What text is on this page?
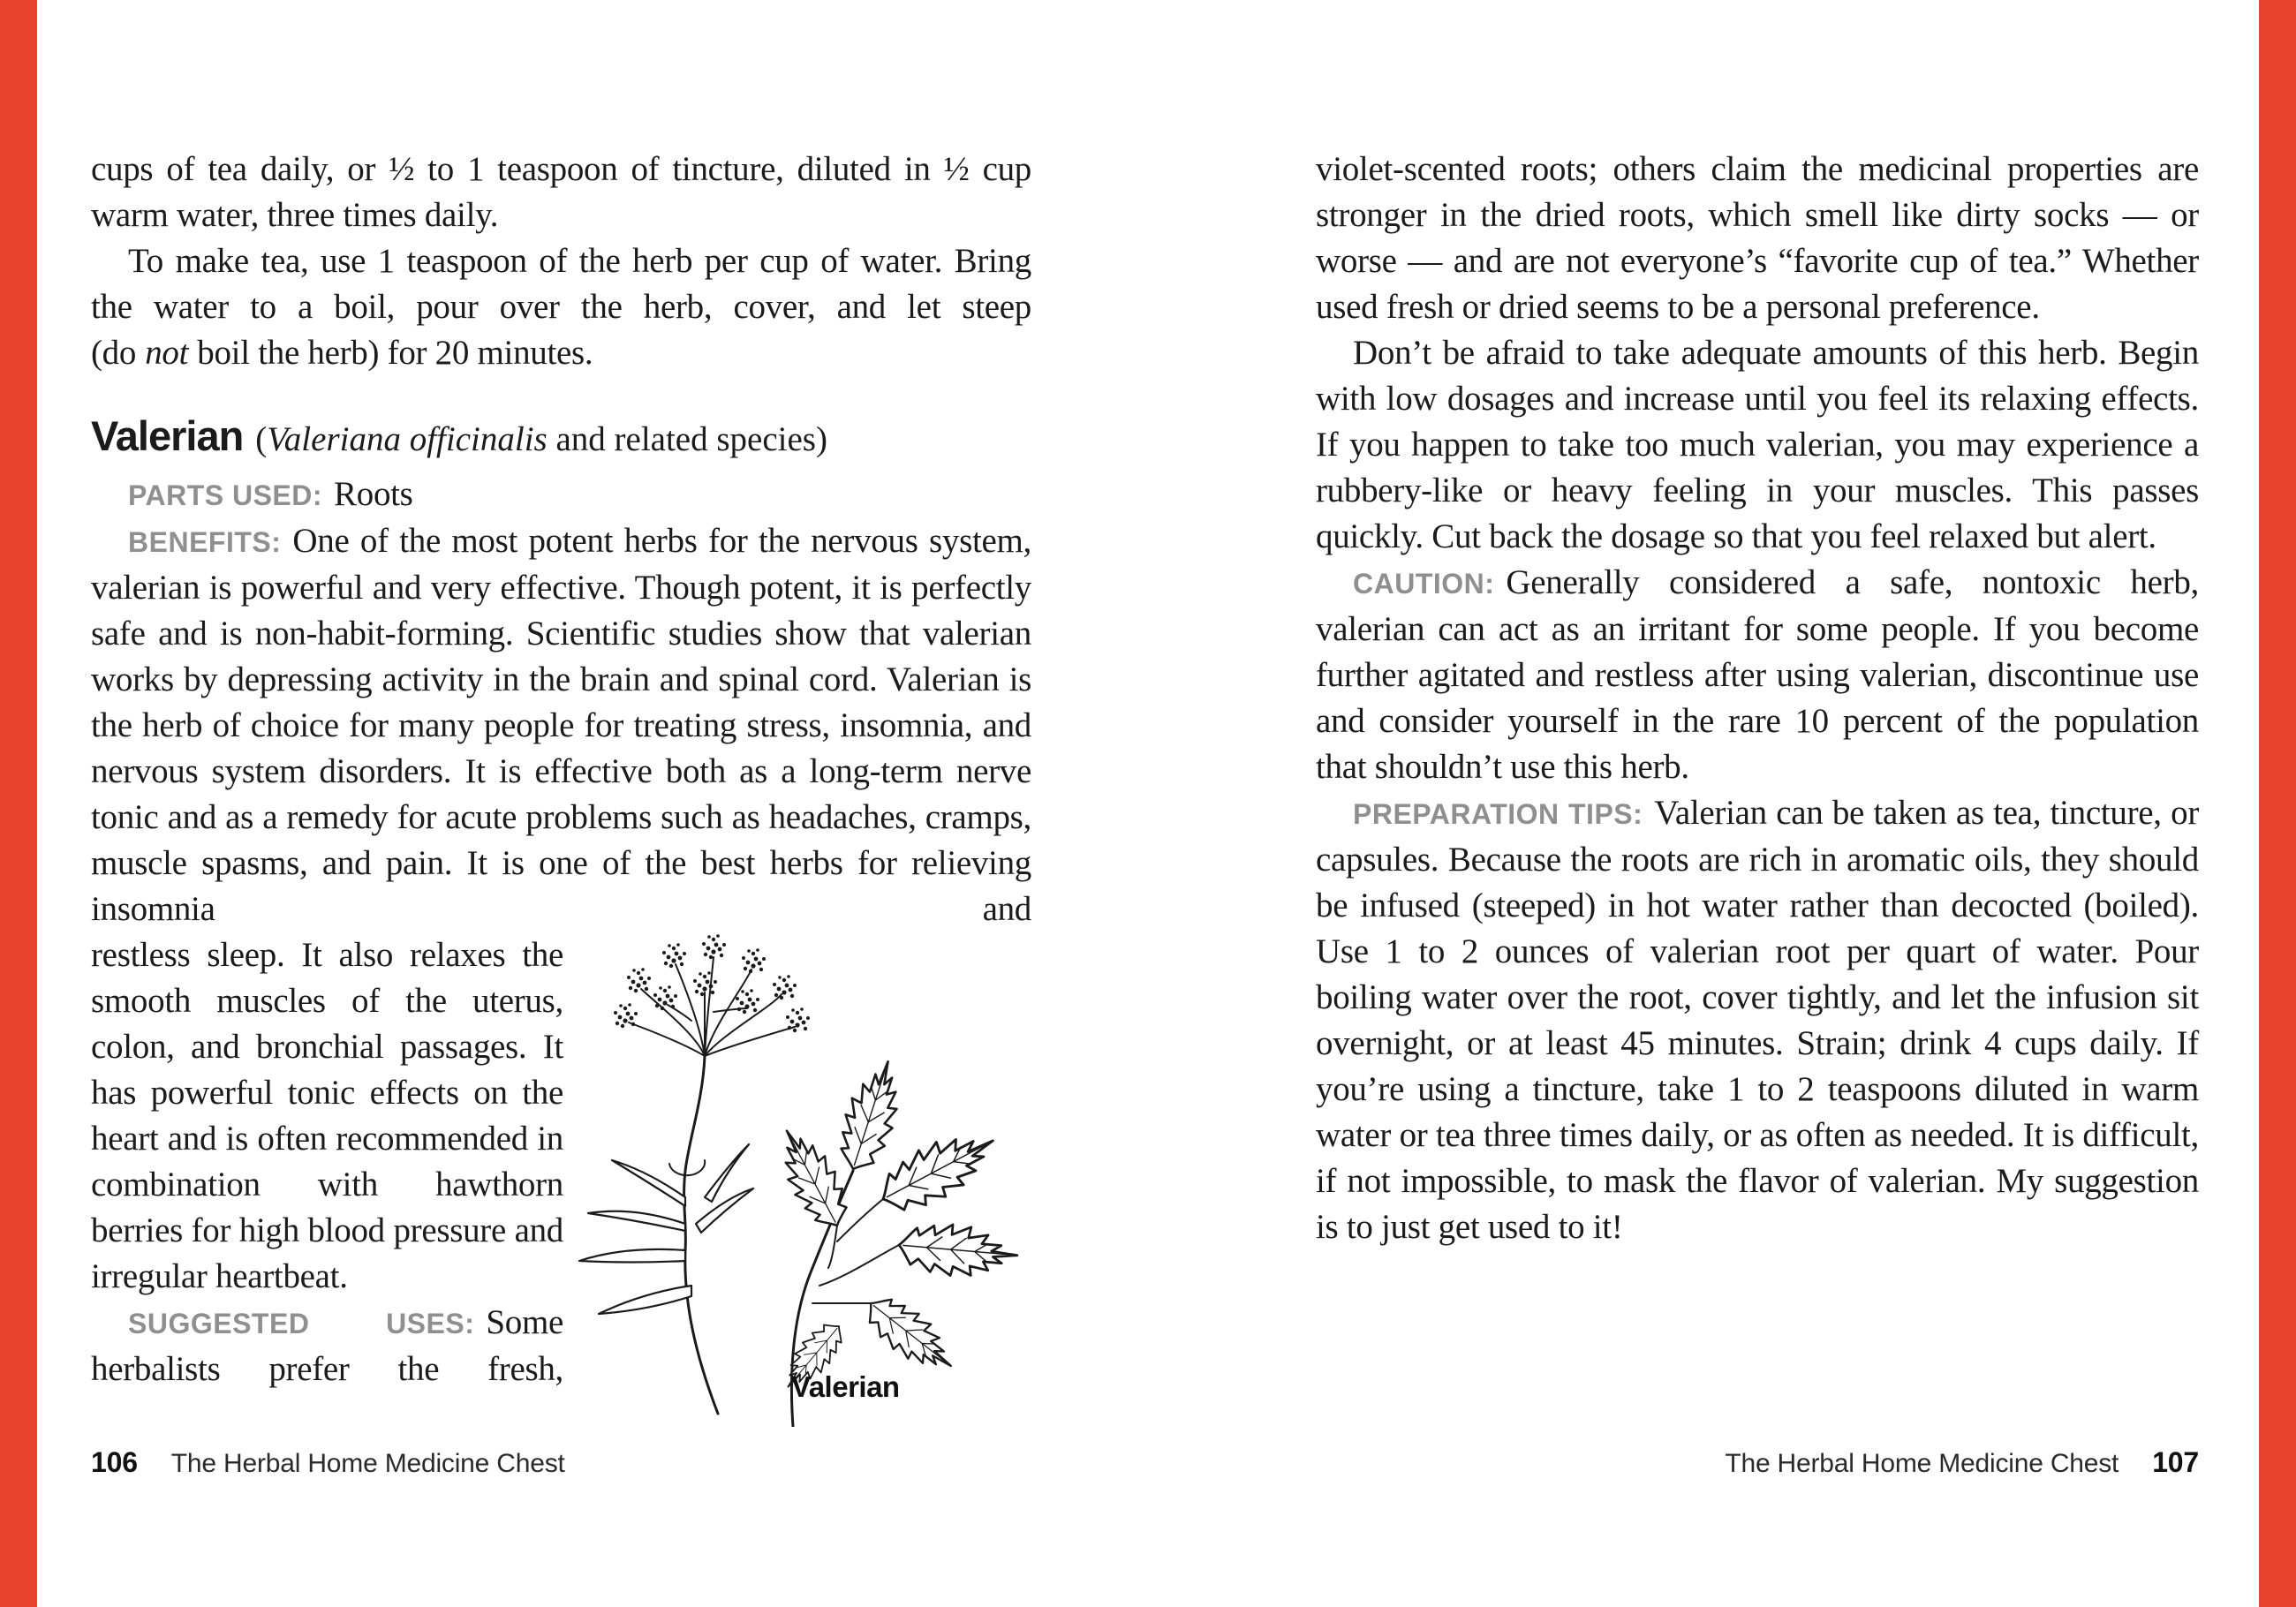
cups of tea daily, or ½ to 1 teaspoon of tincture, diluted in ½ cup warm water, three times daily.

To make tea, use 1 teaspoon of the herb per cup of water. Bring the water to a boil, pour over the herb, cover, and let steep (do not boil the herb) for 20 minutes.

Valerian (Valeriana officinalis and related species)

PARTS USED: Roots

BENEFITS: One of the most potent herbs for the nervous system, valerian is powerful and very effective. Though potent, it is perfectly safe and is non-habit-forming. Scientific studies show that valerian works by depressing activity in the brain and spinal cord. Valerian is the herb of choice for many people for treating stress, insomnia, and nervous system disorders. It is effective both as a long-term nerve tonic and as a remedy for acute problems such as headaches, cramps, muscle spasms, and pain. It is one of the best herbs for relieving insomnia and

restless sleep. It also relaxes the smooth muscles of the uterus, colon, and bronchial passages. It has powerful tonic effects on the heart and is often recommended in combination with hawthorn berries for high blood pressure and irregular heartbeat.

SUGGESTED USES: Some herbalists prefer the fresh,	Valerian

violet-scented roots; others claim the medicinal properties are stronger in the dried roots, which smell like dirty socks — or worse — and are not everyone’s “favorite cup of tea.” Whether used fresh or dried seems to be a personal preference.

Don’t be afraid to take adequate amounts of this herb. Begin with low dosages and increase until you feel its relaxing effects. If you happen to take too much valerian, you may experience a rubbery-like or heavy feeling in your muscles. This passes quickly. Cut back the dosage so that you feel relaxed but alert.

CAUTION: Generally considered a safe, nontoxic herb, valerian can act as an irritant for some people. If you become further agitated and restless after using valerian, discontinue use and consider yourself in the rare 10 percent of the population that shouldn’t use this herb.

PREPARATION TIPS: Valerian can be taken as tea, tincture, or capsules. Because the roots are rich in aromatic oils, they should be infused (steeped) in hot water rather than decocted (boiled). Use 1 to 2 ounces of valerian root per quart of water. Pour boiling water over the root, cover tightly, and let the infusion sit overnight, or at least 45 minutes. Strain; drink 4 cups daily. If you’re using a tincture, take 1 to 2 teaspoons diluted in warm water or tea three times daily, or as often as needed. It is difficult, if not impossible, to mask the flavor of valerian. My suggestion is to just get used to it!

106 The Herbal Home Medicine Chest	The Herbal Home Medicine Chest 107
